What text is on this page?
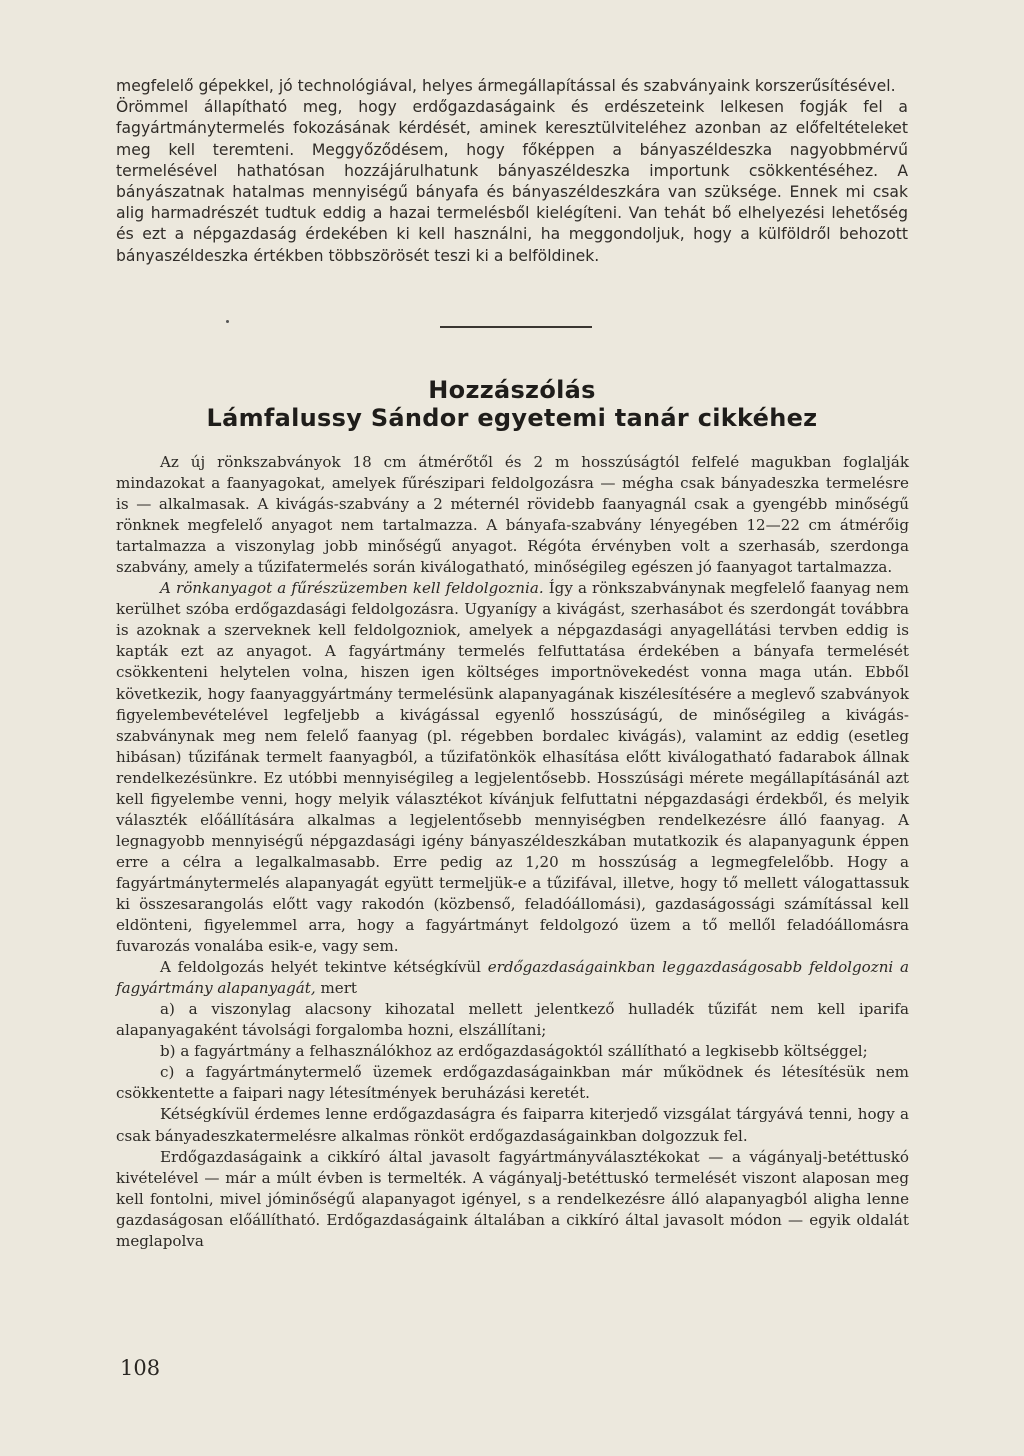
megfelelő gépekkel, jó technológiával, helyes ármegállapítással és szabványaink korszerűsítésével.

Örömmel állapítható meg, hogy erdőgazdaságaink és erdészeteink lelkesen fogják fel a fagyártmánytermelés fokozásának kérdését, aminek keresztülviteléhez azonban az előfeltételeket meg kell teremteni. Meggyőződésem, hogy főképpen a bányaszéldeszka nagyobbmérvű termelésével hathatósan hozzájárulhatunk bányaszéldeszka importunk csökkentéséhez. A bányászatnak hatalmas mennyiségű bányafa és bányaszéldeszkára van szüksége. Ennek mi csak alig harmadrészét tudtuk eddig a hazai termelésből kielégíteni. Van tehát bő elhelyezési lehetőség és ezt a népgazdaság érdekében ki kell használni, ha meggondoljuk, hogy a külföldről behozott bányaszéldeszka értékben többszörösét teszi ki a belföldinek.

Hozzászólás
Lámfalussy Sándor egyetemi tanár cikkéhez

Az új rönkszabványok 18 cm átmérőtől és 2 m hosszúságtól felfelé magukban foglalják mindazokat a faanyagokat, amelyek fűrészipari feldolgozásra — mégha csak bányadeszka termelésre is — alkalmasak. A kivágás-szabvány a 2 méternél rövidebb faanyagnál csak a gyengébb minőségű rönknek megfelelő anyagot nem tartalmazza. A bányafa-szabvány lényegében 12—22 cm átmérőig tartalmazza a viszonylag jobb minőségű anyagot. Régóta érvényben volt a szerhasáb, szerdonga szabvány, amely a tűzifatermelés során kiválogatható, minőségileg egészen jó faanyagot tartalmazza.

A rönkanyagot a fűrészüzemben kell feldolgoznia. Így a rönkszabványnak megfelelő faanyag nem kerülhet szóba erdőgazdasági feldolgozásra. Ugyanígy a kivágást, szerhasábot és szerdongát továbbra is azoknak a szerveknek kell feldolgozniok, amelyek a népgazdasági anyagellátási tervben eddig is kapták ezt az anyagot. A fagyártmány termelés felfuttatása érdekében a bányafa termelését csökkenteni helytelen volna, hiszen igen költséges importnövekedést vonna maga után. Ebből következik, hogy faanyaggyártmány termelésünk alapanyagának kiszélesítésére a meglevő szabványok figyelembevételével legfeljebb a kivágással egyenlő hosszúságú, de minőségileg a kivágás-szabványnak meg nem felelő faanyag (pl. régebben bordalec kivágás), valamint az eddig (esetleg hibásan) tűzifának termelt faanyagból, a tűzifatönkök elhasítása előtt kiválogatható fadarabok állnak rendelkezésünkre. Ez utóbbi mennyiségileg a legjelentősebb. Hosszúsági mérete megállapításánál azt kell figyelembe venni, hogy melyik választékot kívánjuk felfuttatni népgazdasági érdekből, és melyik választék előállítására alkalmas a legjelentősebb mennyiségben rendelkezésre álló faanyag. A legnagyobb mennyiségű népgazdasági igény bányaszéldeszkában mutatkozik és alapanyagunk éppen erre a célra a legalkalmasabb. Erre pedig az 1,20 m hosszúság a legmegfelelőbb. Hogy a fagyártmánytermelés alapanyagát együtt termeljük-e a tűzifával, illetve, hogy tő mellett válogattassuk ki összesarangolás előtt vagy rakodón (közbenső, feladóállomási), gazdaságossági számítással kell eldönteni, figyelemmel arra, hogy a fagyártmányt feldolgozó üzem a tő mellől feladóállomásra fuvarozás vonalába esik-e, vagy sem.

A feldolgozás helyét tekintve kétségkívül erdőgazdaságainkban leggazdaságosabb feldolgozni a fagyártmány alapanyagát, mert

a) a viszonylag alacsony kihozatal mellett jelentkező hulladék tűzifát nem kell iparifa alapanyagaként távolsági forgalomba hozni, elszállítani;

b) a fagyártmány a felhasználókhoz az erdőgazdaságoktól szállítható a legkisebb költséggel;

c) a fagyártmánytermelő üzemek erdőgazdaságainkban már működnek és létesítésük nem csökkentette a faipari nagy létesítmények beruházási keretét.

Kétségkívül érdemes lenne erdőgazdaságra és faiparra kiterjedő vizsgálat tárgyává tenni, hogy a csak bányadeszkatermelésre alkalmas rönköt erdőgazdaságainkban dolgozzuk fel.

Erdőgazdaságaink a cikkíró által javasolt fagyártmányválasztékokat — a vágányalj-betéttuskó kivételével — már a múlt évben is termelték. A vágányalj-betéttuskó termelését viszont alaposan meg kell fontolni, mivel jóminőségű alapanyagot igényel, s a rendelkezésre álló alapanyagból aligha lenne gazdaságosan előállítható. Erdőgazdaságaink általában a cikkíró által javasolt módon — egyik oldalát meglapolva

108
